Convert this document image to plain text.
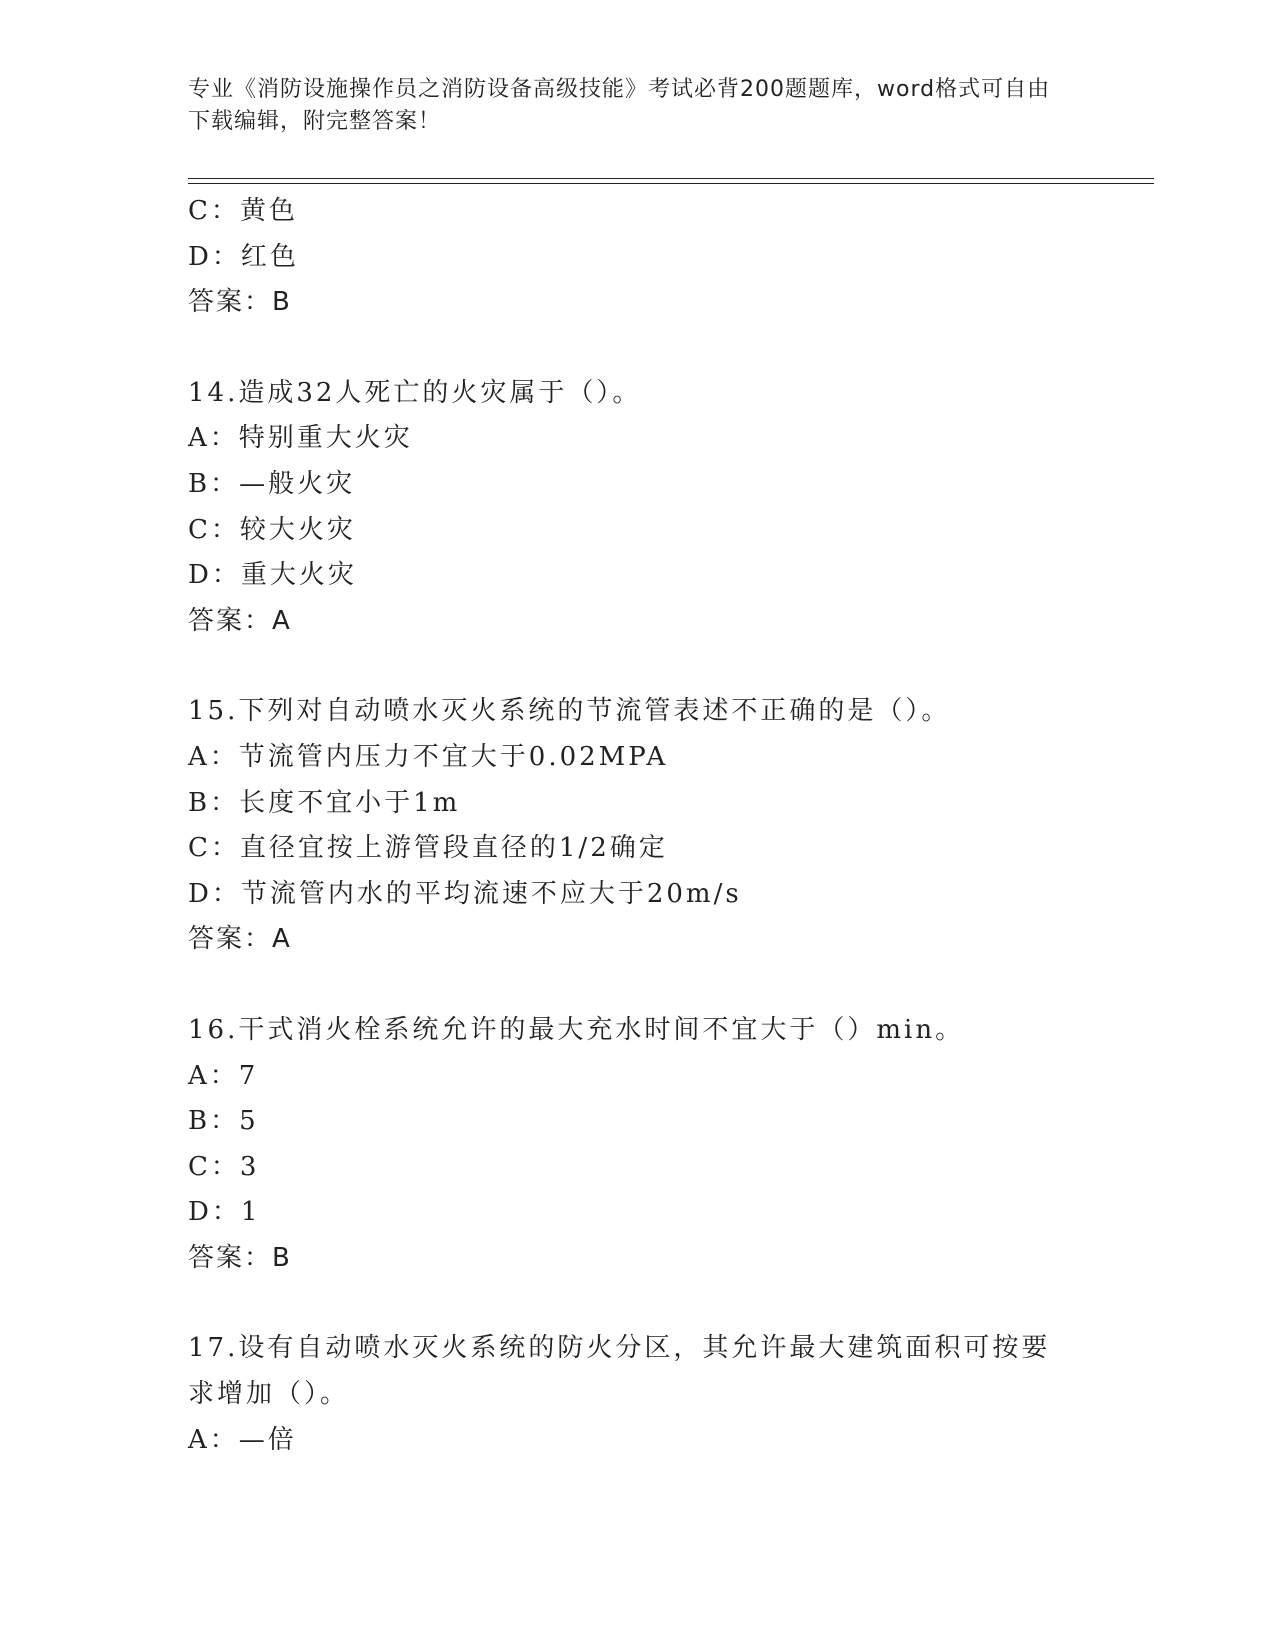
专业《消防设施操作员之消防设备高级技能》考试必背200题题库，word格式可自由下载编辑，附完整答案！
C：黄色
D：红色
答案：B
14.造成32人死亡的火灾属于（）。
A：特别重大火灾
B：—般火灾
C：较大火灾
D：重大火灾
答案：A
15.下列对自动喷水灭火系统的节流管表述不正确的是（）。
A：节流管内压力不宜大于0.02MPA
B：长度不宜小于1m
C：直径宜按上游管段直径的1/2确定
D：节流管内水的平均流速不应大于20m/s
答案：A
16.干式消火栓系统允许的最大充水时间不宜大于（）min。
A：7
B：5
C：3
D：1
答案：B
17.设有自动喷水灭火系统的防火分区，其允许最大建筑面积可按要求增加（）。
A：—倍
